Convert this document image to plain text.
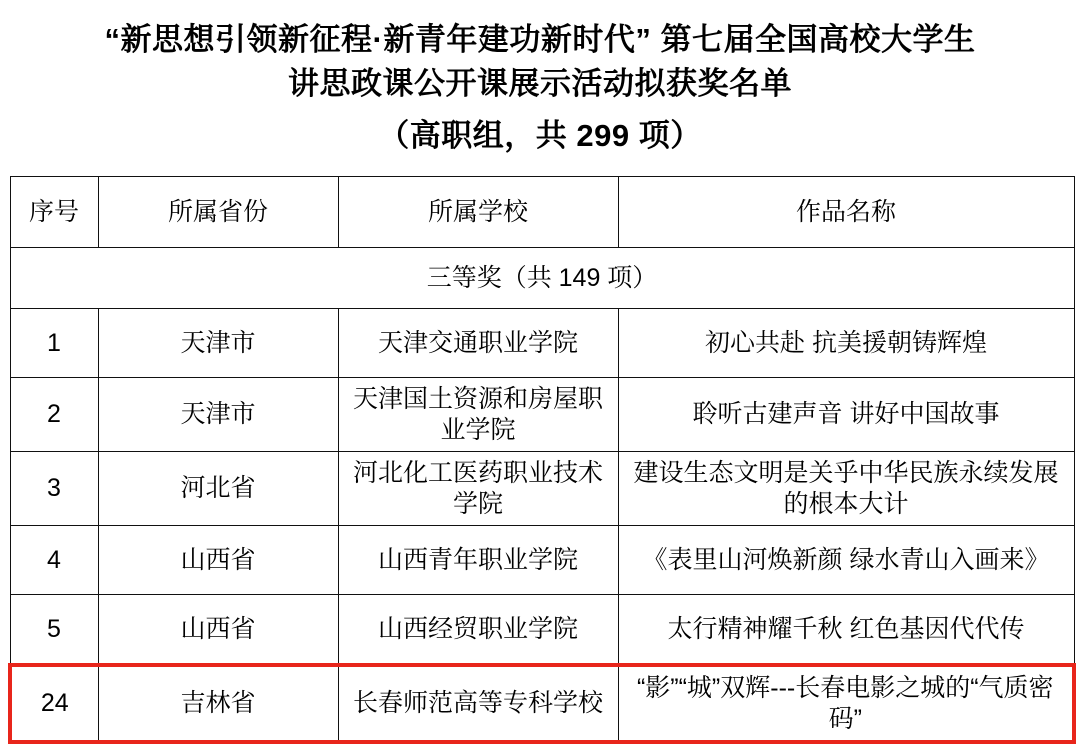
“新思想引领新征程·新青年建功新时代” 第七届全国高校大学生
讲思政课公开课展示活动拟获奖名单
（高职组，共 299 项）
序号	所属省份	所属学校	作品名称
三等奖（共 149 项）			
1	天津市	天津交通职业学院	初心共赴 抗美援朝铸辉煌
2	天津市	天津国土资源和房屋职业学院	聆听古建声音 讲好中国故事
3	河北省	河北化工医药职业技术学院	建设生态文明是关乎中华民族永续发展的根本大计
4	山西省	山西青年职业学院	《表里山河焕新颜 绿水青山入画来》
5	山西省	山西经贸职业学院	太行精神耀千秋 红色基因代代传
24	吉林省	长春师范高等专科学校	“影”“城”双辉---长春电影之城的“气质密码”
